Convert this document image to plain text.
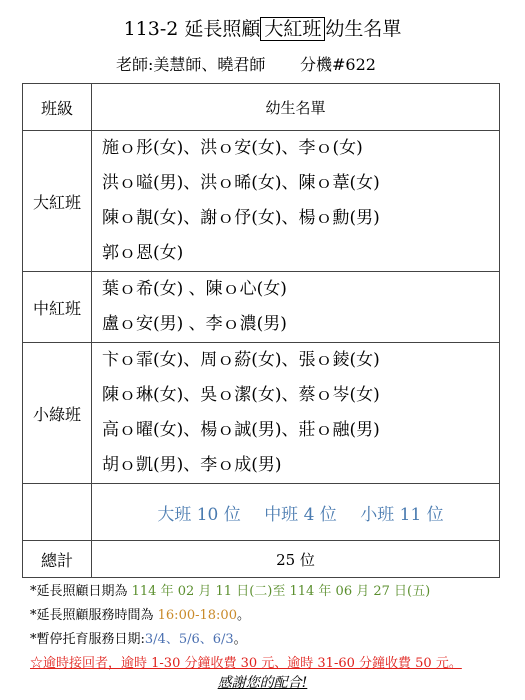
113-2 延長照顧 大紅班 幼生名單
老師:美慧師、曉君師 分機#622
班級	幼生名單
大紅班	施ｏ彤(女)、洪ｏ安(女)、李ｏ(女)
洪ｏ嗌(男)、洪ｏ晞(女)、陳ｏ葦(女)
陳ｏ靚(女)、謝ｏ伃(女)、楊ｏ勳(男)
郭ｏ恩(女)

中紅班	葉ｏ希(女) 、陳ｏ心(女)
盧ｏ安(男) 、李ｏ濃(男)

小綠班	卞ｏ霏(女)、周ｏ蒶(女)、張ｏ錂(女)
陳ｏ琳(女)、吳ｏ潔(女)、蔡ｏ岑(女)
高ｏ曜(女)、楊ｏ誠(男)、莊ｏ融(男)
胡ｏ凱(男)、李ｏ成(男)

	大班 10 位 中班 4 位 小班 11 位
總計	25 位
*延長照顧日期為 114 年 02 月 11 日(二)至 114 年 06 月 27 日(五)
*延長照顧服務時間為 16:00-18:00。
*暫停托育服務日期:3/4、5/6、6/3。
☆逾時接回者，逾時 1-30 分鐘收費 30 元、逾時 31-60 分鐘收費 50 元。
感謝您的配合!
